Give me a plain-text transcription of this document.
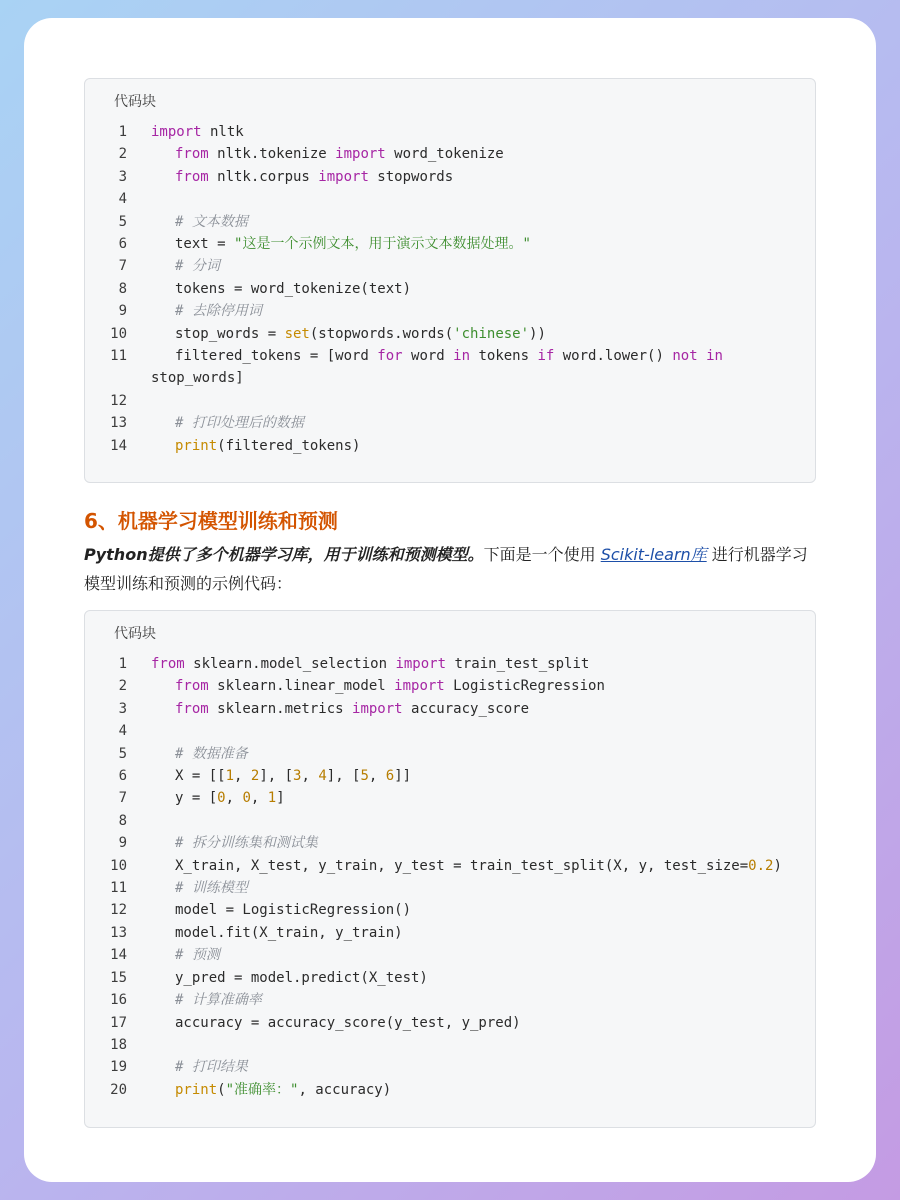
代码块
1	import nltk
2	from nltk.tokenize import word_tokenize
3	from nltk.corpus import stopwords
4
5	# 文本数据
6	text = "这是一个示例文本，用于演示文本数据处理。"
7	# 分词
8	tokens = word_tokenize(text)
9	# 去除停用词
10	stop_words = set(stopwords.words('chinese'))
11	filtered_tokens = [word for word in tokens if word.lower() not in
stop_words]
12
13	# 打印处理后的数据
14	print(filtered_tokens)
6、机器学习模型训练和预测
Python提供了多个机器学习库，用于训练和预测模型。下面是一个使用 Scikit-learn库 进行机器学习模型训练和预测的示例代码：
代码块
1	from sklearn.model_selection import train_test_split
2	from sklearn.linear_model import LogisticRegression
3	from sklearn.metrics import accuracy_score
4
5	# 数据准备
6	X = [[1, 2], [3, 4], [5, 6]]
7	y = [0, 0, 1]
8
9	# 拆分训练集和测试集
10	X_train, X_test, y_train, y_test = train_test_split(X, y, test_size=0.2)
11	# 训练模型
12	model = LogisticRegression()
13	model.fit(X_train, y_train)
14	# 预测
15	y_pred = model.predict(X_test)
16	# 计算准确率
17	accuracy = accuracy_score(y_test, y_pred)
18
19	# 打印结果
20	print("准确率：", accuracy)
